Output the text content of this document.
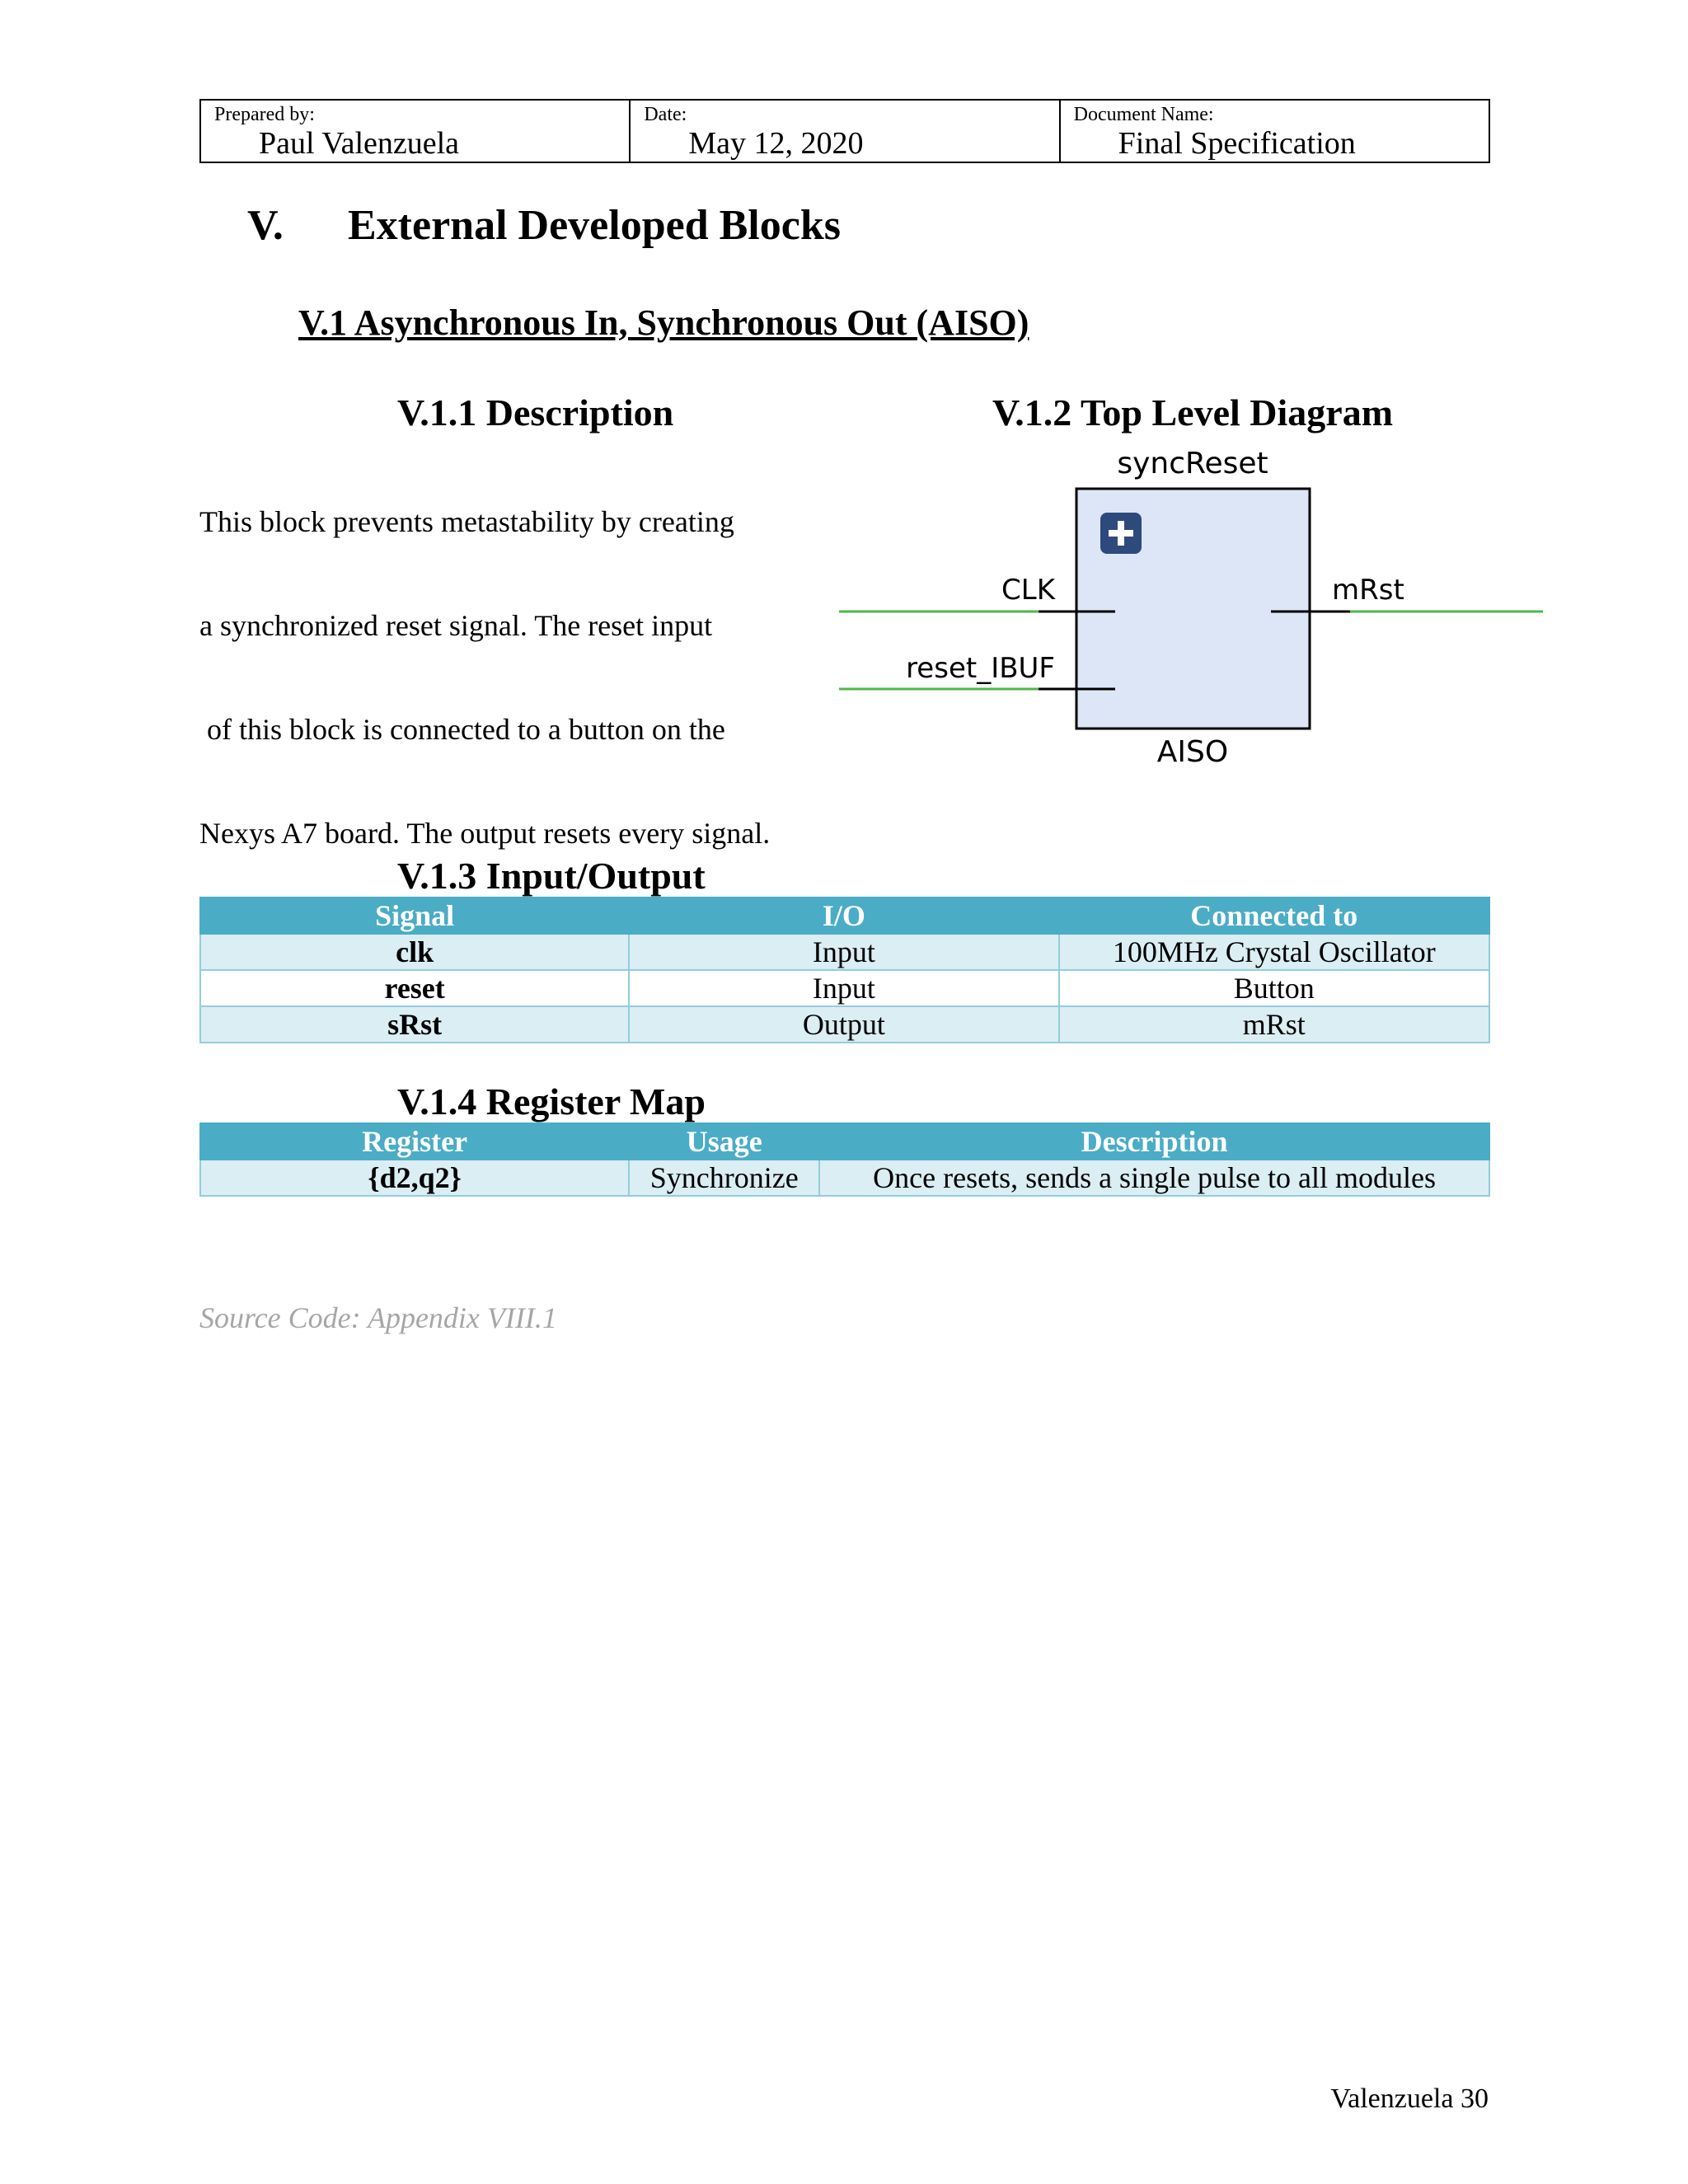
Prepared by:
Paul Valenzuela
Date:
May 12, 2020
Document Name:
Final Specification
V. External Developed Blocks
V.1 Asynchronous In, Synchronous Out (AISO)
V.1.1 Description

This block prevents metastability by creating

a synchronized reset signal. The reset input

of this block is connected to a button on the

Nexys A7 board. The output resets every signal.

V.1.2 Top Level Diagram
syncReset
CLK
reset_IBUF
mRst
AISO
V.1.3 Input/Output
Signal	I/O	Connected to
clk	Input	100MHz Crystal Oscillator
reset	Input	Button
sRst	Output	mRst
V.1.4 Register Map
Register	Usage	Description
{d2,q2}	Synchronize	Once resets, sends a single pulse to all modules
Source Code: Appendix VIII.1
Valenzuela 30
